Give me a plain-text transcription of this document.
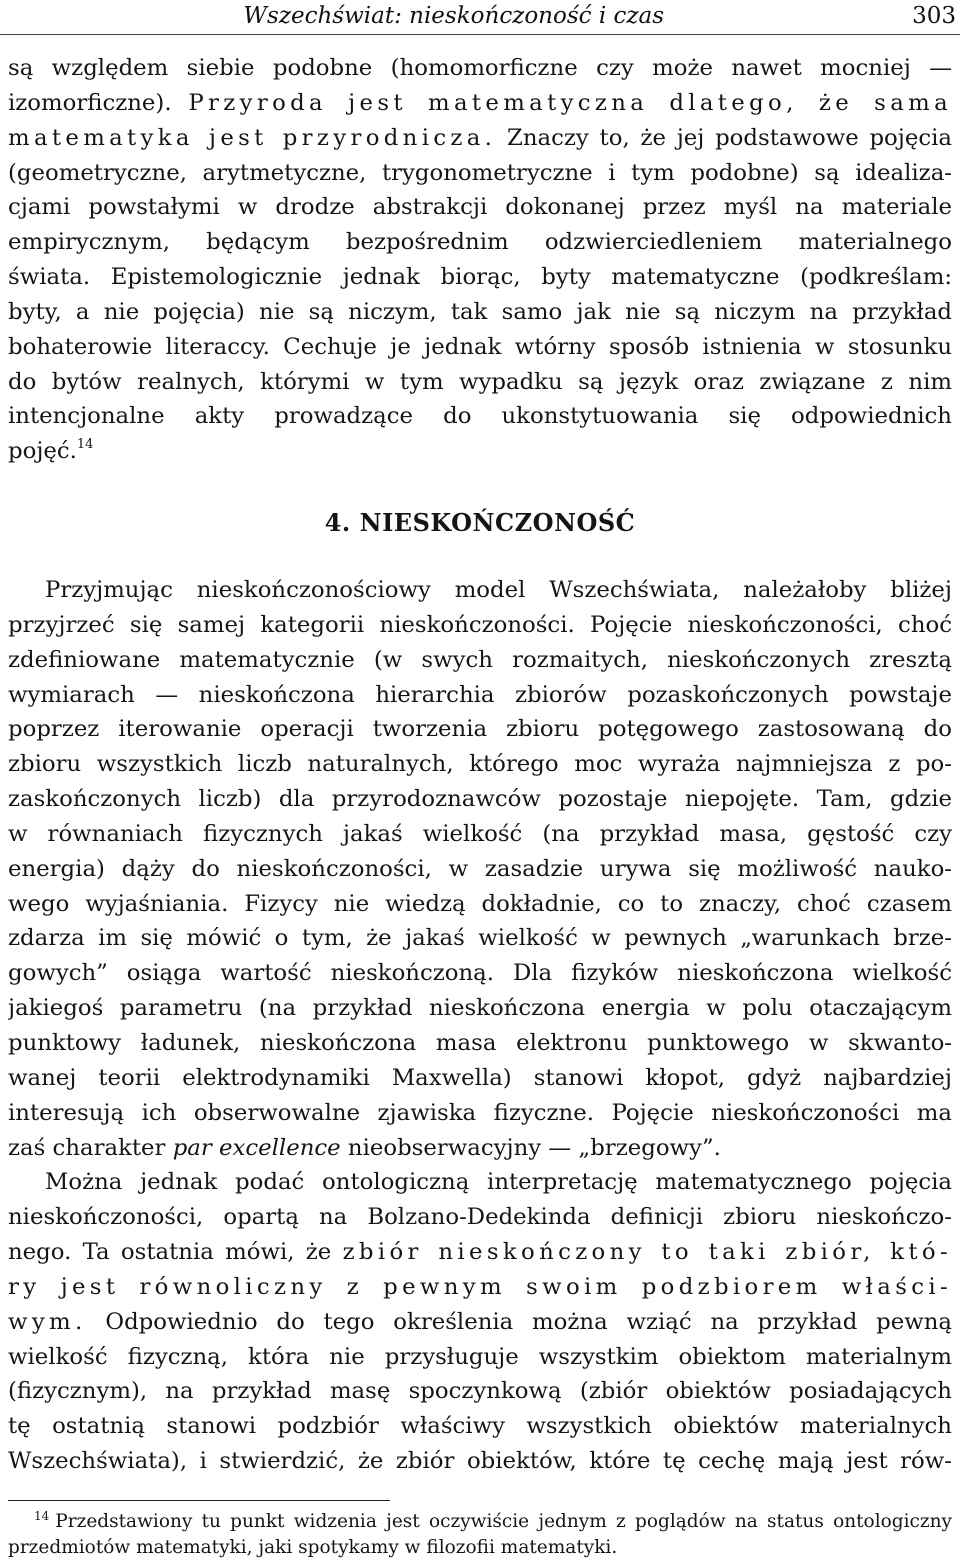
Wszechświat: nieskończoność i czas	303
są względem siebie podobne (homomorficzne czy może nawet mocniej —
izomorficzne). Przyroda jest matematyczna dlatego, że sama
matematyka jest przyrodnicza. Znaczy to, że jej podstawowe pojęcia
(geometryczne, arytmetyczne, trygonometryczne i tym podobne) są idealiza-
cjami powstałymi w drodze abstrakcji dokonanej przez myśl na materiale
empirycznym, będącym bezpośrednim odzwierciedleniem materialnego
świata. Epistemologicznie jednak biorąc, byty matematyczne (podkreślam:
byty, a nie pojęcia) nie są niczym, tak samo jak nie są niczym na przykład
bohaterowie literaccy. Cechuje je jednak wtórny sposób istnienia w stosunku
do bytów realnych, którymi w tym wypadku są język oraz związane z nim
intencjonalne akty prowadzące do ukonstytuowania się odpowiednich
pojęć.$^{14}$
4. NIESKOŃCZONOŚĆ
Przyjmując nieskończonościowy model Wszechświata, należałoby bliżej
przyjrzeć się samej kategorii nieskończoności. Pojęcie nieskończoności, choć
zdefiniowane matematycznie (w swych rozmaitych, nieskończonych zresztą
wymiarach — nieskończona hierarchia zbiorów pozaskończonych powstaje
poprzez iterowanie operacji tworzenia zbioru potęgowego zastosowaną do
zbioru wszystkich liczb naturalnych, którego moc wyraża najmniejsza z po-
zaskończonych liczb) dla przyrodoznawców pozostaje niepojęte. Tam, gdzie
w równaniach fizycznych jakaś wielkość (na przykład masa, gęstość czy
energia) dąży do nieskończoności, w zasadzie urywa się możliwość nauko-
wego wyjaśniania. Fizycy nie wiedzą dokładnie, co to znaczy, choć czasem
zdarza im się mówić o tym, że jakaś wielkość w pewnych „warunkach brze-
gowych” osiąga wartość nieskończoną. Dla fizyków nieskończona wielkość
jakiegoś parametru (na przykład nieskończona energia w polu otaczającym
punktowy ładunek, nieskończona masa elektronu punktowego w skwanto-
wanej teorii elektrodynamiki Maxwella) stanowi kłopot, gdyż najbardziej
interesują ich obserwowalne zjawiska fizyczne. Pojęcie nieskończoności ma
zaś charakter par excellence nieobserwacyjny — „brzegowy”.
Można jednak podać ontologiczną interpretację matematycznego pojęcia
nieskończoności, opartą na Bolzano-Dedekinda definicji zbioru nieskończo-
nego. Ta ostatnia mówi, że zbiór nieskończony to taki zbiór, któ-
ry jest równoliczny z pewnym swoim podzbiorem właści-
wym. Odpowiednio do tego określenia można wziąć na przykład pewną
wielkość fizyczną, która nie przysługuje wszystkim obiektom materialnym
(fizycznym), na przykład masę spoczynkową (zbiór obiektów posiadających
tę ostatnią stanowi podzbiór właściwy wszystkich obiektów materialnych
Wszechświata), i stwierdzić, że zbiór obiektów, które tę cechę mają jest rów-
$^{14}$ Przedstawiony tu punkt widzenia jest oczywiście jednym z poglądów na status ontologiczny
przedmiotów matematyki, jaki spotykamy w filozofii matematyki.
